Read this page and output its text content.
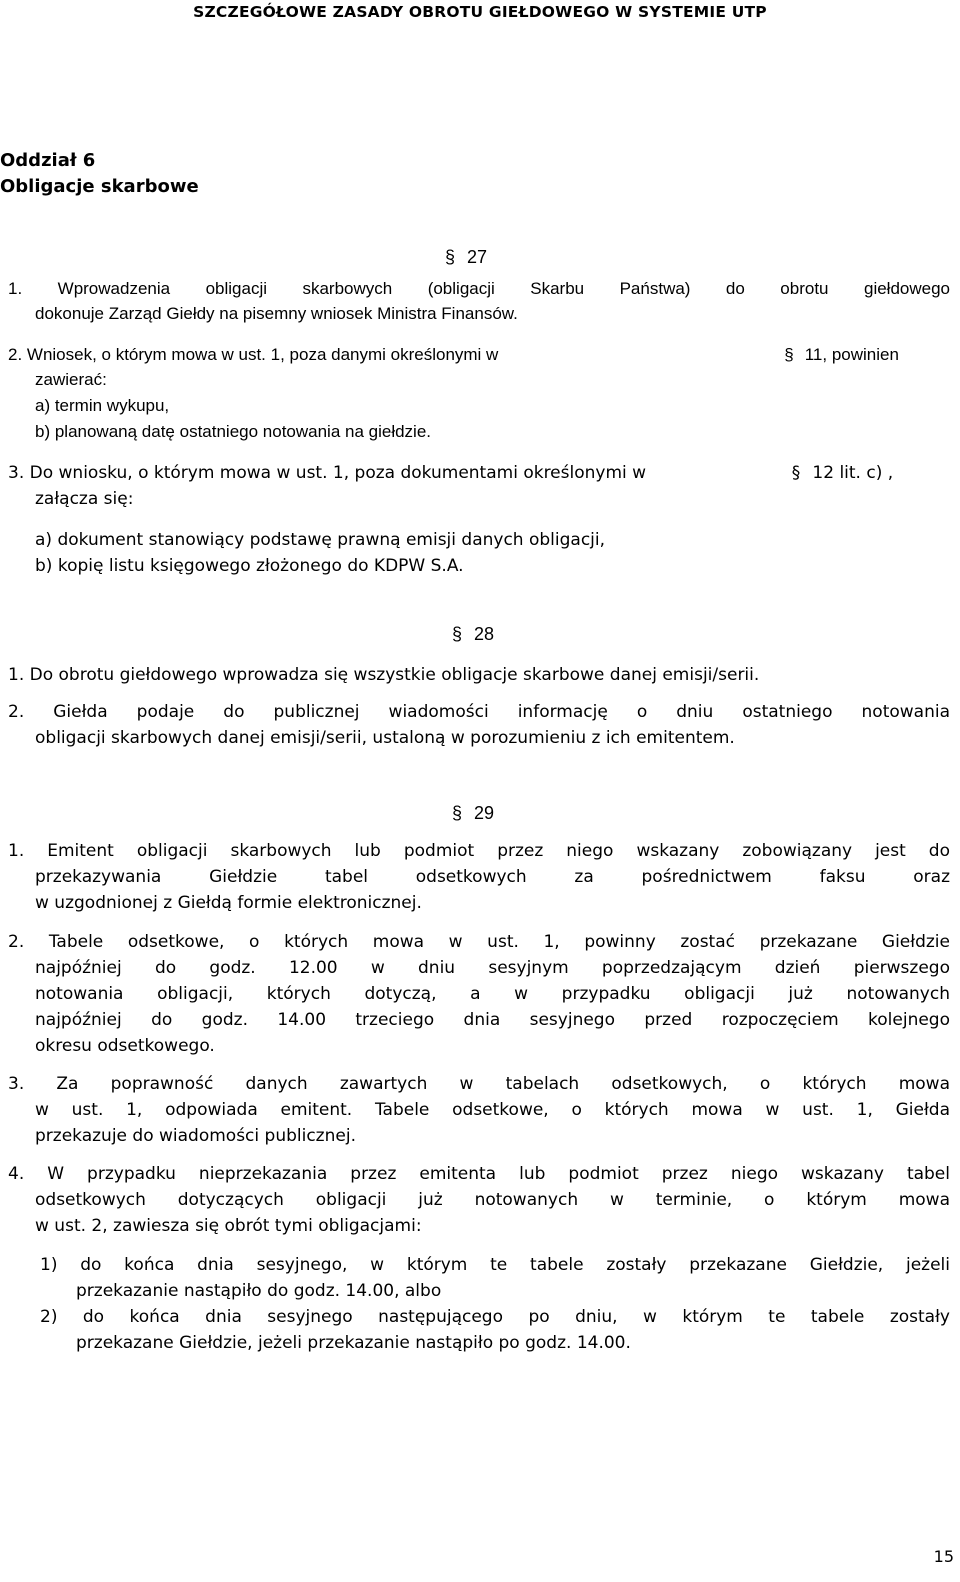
SZCZEGÓŁOWE ZASADY OBROTU GIEŁDOWEGO W SYSTEMIE UTP
Oddział 6
Obligacje skarbowe
§ 27
1. Wprowadzenia obligacji skarbowych (obligacji Skarbu Państwa) do obrotu giełdowego
dokonuje Zarząd Giełdy na pisemny wniosek Ministra Finansów.
2. Wniosek, o którym mowa w ust. 1, poza danymi określonymi w	§ 11, powinien
zawierać:
a) termin wykupu,
b) planowaną datę ostatniego notowania na giełdzie.
3. Do wniosku, o którym mowa w ust. 1, poza dokumentami określonymi w	§ 12 lit. c) ,
załącza się:
a) dokument stanowiący podstawę prawną emisji danych obligacji,
b) kopię listu księgowego złożonego do KDPW S.A.
§ 28
1. Do obrotu giełdowego wprowadza się wszystkie obligacje skarbowe danej emisji/serii.
2. Giełda podaje do publicznej wiadomości informację o dniu ostatniego notowania
obligacji skarbowych danej emisji/serii, ustaloną w porozumieniu z ich emitentem.
§ 29
1. Emitent obligacji skarbowych lub podmiot przez niego wskazany zobowiązany jest do
przekazywania Giełdzie tabel odsetkowych za pośrednictwem faksu oraz
w uzgodnionej z Giełdą formie elektronicznej.
2. Tabele odsetkowe, o których mowa w ust. 1, powinny zostać przekazane Giełdzie
najpóźniej do godz. 12.00 w dniu sesyjnym poprzedzającym dzień pierwszego
notowania obligacji, których dotyczą, a w przypadku obligacji już notowanych
najpóźniej do godz. 14.00 trzeciego dnia sesyjnego przed rozpoczęciem kolejnego
okresu odsetkowego.
3. Za poprawność danych zawartych w tabelach odsetkowych, o których mowa
w ust. 1, odpowiada emitent. Tabele odsetkowe, o których mowa w ust. 1, Giełda
przekazuje do wiadomości publicznej.
4. W przypadku nieprzekazania przez emitenta lub podmiot przez niego wskazany tabel
odsetkowych dotyczących obligacji już notowanych w terminie, o którym mowa
w ust. 2, zawiesza się obrót tymi obligacjami:
1) do końca dnia sesyjnego, w którym te tabele zostały przekazane Giełdzie, jeżeli
przekazanie nastąpiło do godz. 14.00, albo
2) do końca dnia sesyjnego następującego po dniu, w którym te tabele zostały
przekazane Giełdzie, jeżeli przekazanie nastąpiło po godz. 14.00.
15
